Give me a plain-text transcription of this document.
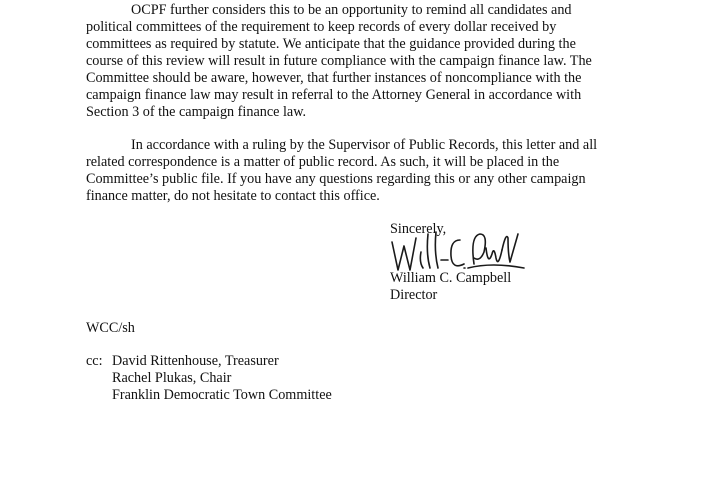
OCPF further considers this to be an opportunity to remind all candidates and
political committees of the requirement to keep records of every dollar received by
committees as required by statute. We anticipate that the guidance provided during the
course of this review will result in future compliance with the campaign finance law. The
Committee should be aware, however, that further instances of noncompliance with the
campaign finance law may result in referral to the Attorney General in accordance with
Section 3 of the campaign finance law.
In accordance with a ruling by the Supervisor of Public Records, this letter and all
related correspondence is a matter of public record. As such, it will be placed in the
Committee’s public file. If you have any questions regarding this or any other campaign
finance matter, do not hesitate to contact this office.
Sincerely,
William C. Campbell
Director
WCC/sh
cc: David Rittenhouse, Treasurer
Rachel Plukas, Chair
Franklin Democratic Town Committee
